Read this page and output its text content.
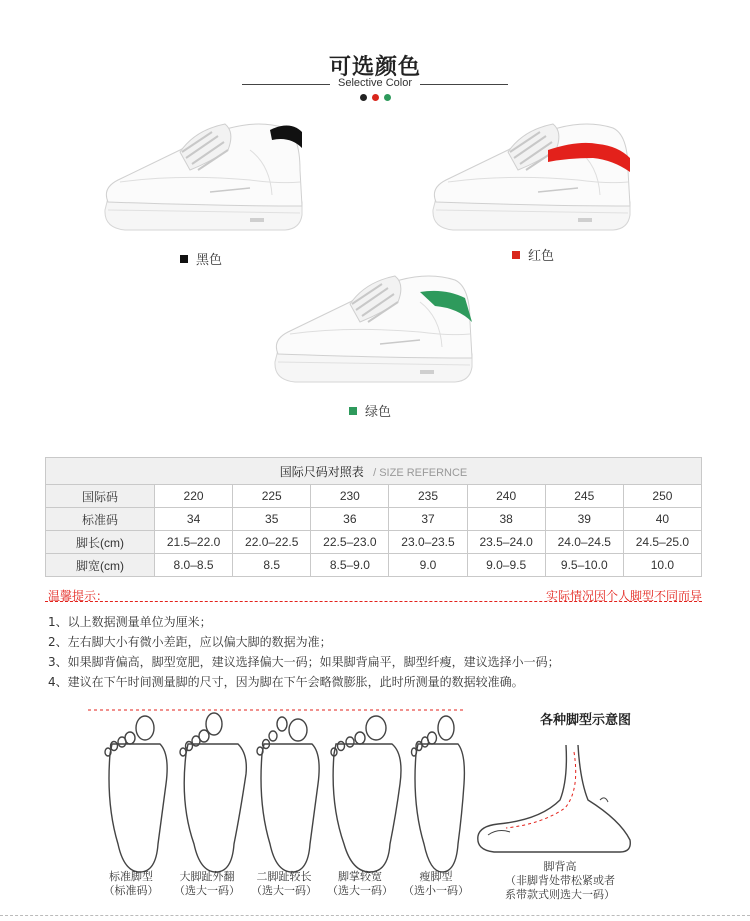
可选颜色
Selective Color
黑色	红色
绿色
国际尺码对照表 / SIZE REFERNCE							
国际码	220	225	230	235	240	245	250
标准码	34	35	36	37	38	39	40
脚长(cm)	21.5–22.0	22.0–22.5	22.5–23.0	23.0–23.5	23.5–24.0	24.0–24.5	24.5–25.0
脚宽(cm)	8.0–8.5	8.5	8.5–9.0	9.0	9.0–9.5	9.5–10.0	10.0
温馨提示：	实际情况因个人脚型不同而异
1、以上数据测量单位为厘米；
2、左右脚大小有微小差距，应以偏大脚的数据为准；
3、如果脚背偏高，脚型宽肥，建议选择偏大一码；如果脚背扁平，脚型纤瘦，建议选择小一码；
4、建议在下午时间测量脚的尺寸，因为脚在下午会略微膨胀，此时所测量的数据较准确。
标准脚型
（标准码）
大脚趾外翻
（选大一码）
二脚趾较长
（选大一码）
脚掌较宽
（选大一码）
瘦脚型
（选小一码）
各种脚型示意图
脚背高
（非脚背处带松紧或者
系带款式则选大一码）
